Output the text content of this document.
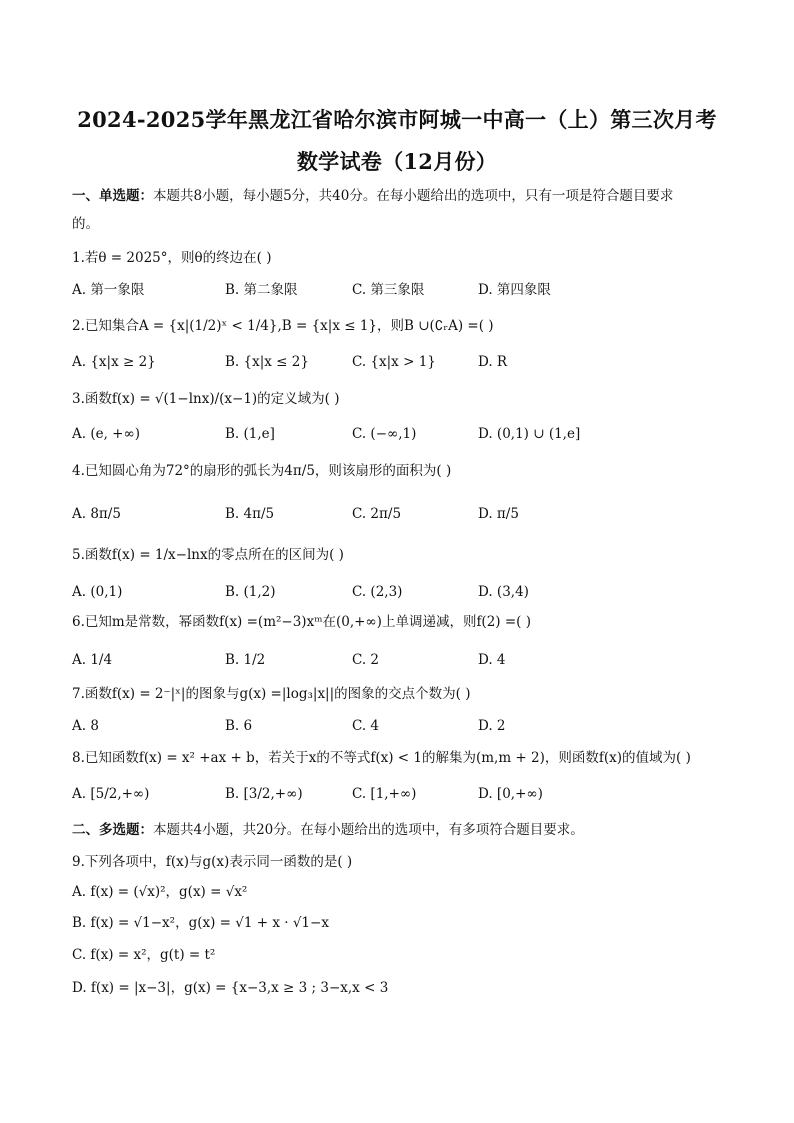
2024-2025学年黑龙江省哈尔滨市阿城一中高一（上）第三次月考
数学试卷（12月份）
一、单选题：本题共8小题，每小题5分，共40分。在每小题给出的选项中，只有一项是符合题目要求
的。
1.若θ = 2025°，则θ的终边在( )
A. 第一象限	B. 第二象限	C. 第三象限	D. 第四象限
2.已知集合A = {x|(1/2)ˣ < 1/4},B = {x|x ≤ 1}，则B ∪(∁ᵣA) =( )
A. {x|x ≥ 2}	B. {x|x ≤ 2}	C. {x|x > 1}	D. R
3.函数f(x) = √(1−lnx)/(x−1)的定义域为( )
A. (e, +∞)	B. (1,e]	C. (−∞,1)	D. (0,1) ∪ (1,e]
4.已知圆心角为72°的扇形的弧长为4π/5，则该扇形的面积为( )
A. 8π/5	B. 4π/5	C. 2π/5	D. π/5
5.函数f(x) = 1/x−lnx的零点所在的区间为( )
A. (0,1)	B. (1,2)	C. (2,3)	D. (3,4)
6.已知m是常数，幂函数f(x) =(m²−3)xᵐ在(0,+∞)上单调递减，则f(2) =( )
A. 1/4	B. 1/2	C. 2	D. 4
7.函数f(x) = 2⁻|ˣ|的图象与g(x) =|log₃|x||的图象的交点个数为( )
A. 8	B. 6	C. 4	D. 2
8.已知函数f(x) = x² +ax + b，若关于x的不等式f(x) < 1的解集为(m,m + 2)，则函数f(x)的值域为( )
A. [5/2,+∞)	B. [3/2,+∞)	C. [1,+∞)	D. [0,+∞)
二、多选题：本题共4小题，共20分。在每小题给出的选项中，有多项符合题目要求。
9.下列各项中，f(x)与g(x)表示同一函数的是( )
A. f(x) = (√x)²，g(x) = √x²
B. f(x) = √1−x²，g(x) = √1 + x · √1−x
C. f(x) = x²，g(t) = t²
D. f(x) = |x−3|，g(x) = {x−3,x ≥ 3 ; 3−x,x < 3
